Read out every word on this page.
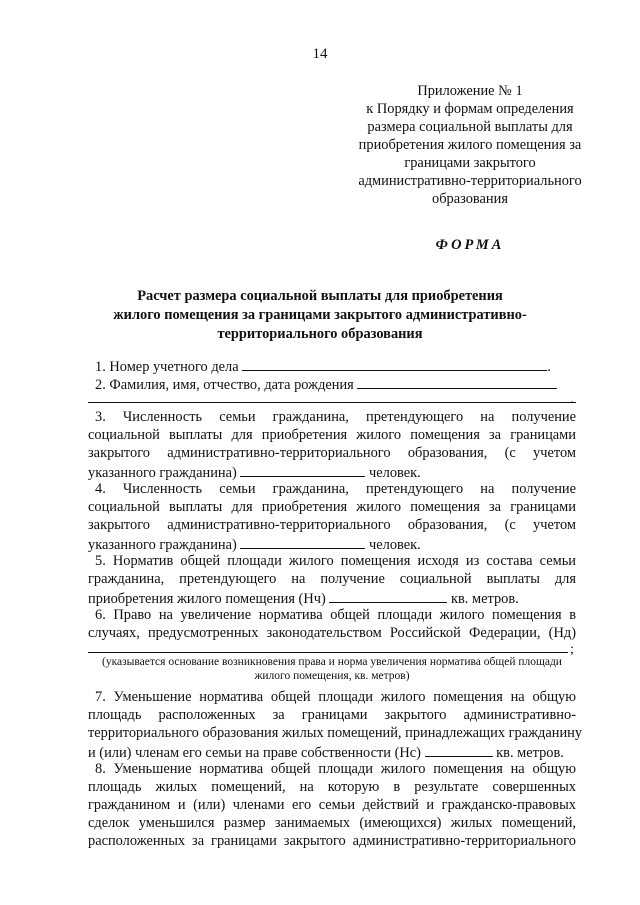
14
Приложение № 1
к Порядку и формам определения
размера социальной выплаты для
приобретения жилого помещения за
границами закрытого
административно-территориального
образования
ФОРМА
Расчет размера социальной выплаты для приобретения
жилого помещения за границами закрытого административно-
территориального образования
1. Номер учетного дела	.
2. Фамилия, имя, отчество, дата рождения
.
3. Численность семьи гражданина, претендующего на получение
социальной выплаты для приобретения жилого помещения за границами
закрытого административно-территориального образования, (с учетом
указанного гражданина)	человек.
4. Численность семьи гражданина, претендующего на получение
социальной выплаты для приобретения жилого помещения за границами
закрытого административно-территориального образования, (с учетом
указанного гражданина)	человек.
5. Норматив общей площади жилого помещения исходя из состава семьи
гражданина, претендующего на получение социальной выплаты для
приобретения жилого помещения (Нч)	кв. метров.
6. Право на увеличение норматива общей площади жилого помещения в
случаях, предусмотренных законодательством Российской Федерации, (Нд)
;
(указывается основание возникновения права и норма увеличения норматива общей площади
жилого помещения, кв. метров)
7. Уменьшение норматива общей площади жилого помещения на общую
площадь расположенных за границами закрытого административно-
территориального образования жилых помещений, принадлежащих гражданину
и (или) членам его семьи на праве собственности (Нс)	кв. метров.
8. Уменьшение норматива общей площади жилого помещения на общую
площадь жилых помещений, на которую в результате совершенных
гражданином и (или) членами его семьи действий и гражданско-правовых
сделок уменьшился размер занимаемых (имеющихся) жилых помещений,
расположенных за границами закрытого административно-территориального
